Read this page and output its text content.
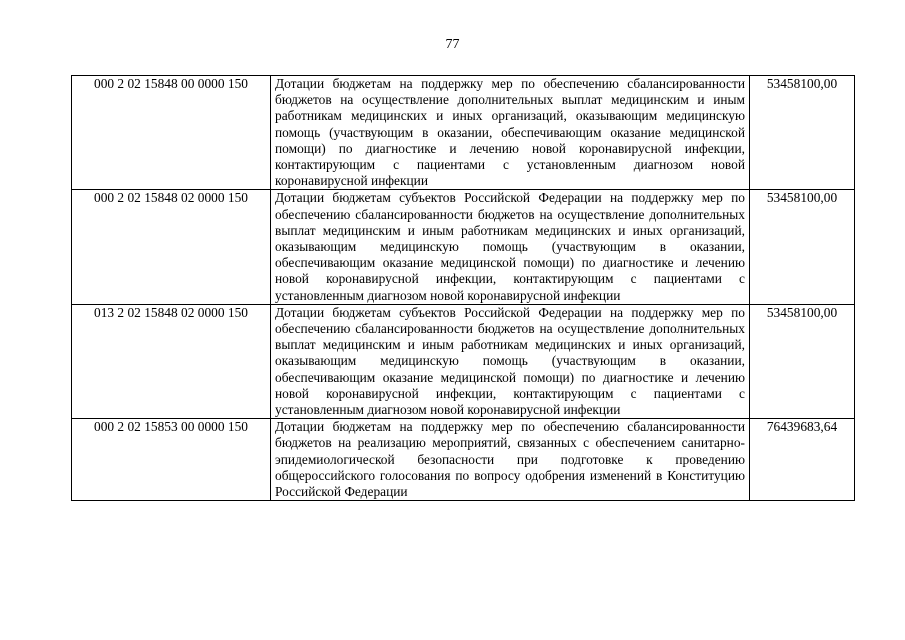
77
000 2 02 15848 00 0000 150	Дотации бюджетам на поддержку мер по обеспечению сбалансированности бюджетов на осуществление дополнительных выплат медицинским и иным работникам медицинских и иных организаций, оказывающим медицинскую помощь (участвующим в оказании, обеспечивающим оказание медицинской помощи) по диагностике и лечению новой коронавирусной инфекции, контактирующим с пациентами с установленным диагнозом новой коронавирусной инфекции	53458100,00
000 2 02 15848 02 0000 150	Дотации бюджетам субъектов Российской Федерации на поддержку мер по обеспечению сбалансированности бюджетов на осуществление дополнительных выплат медицинским и иным работникам медицинских и иных организаций, оказывающим медицинскую помощь (участвующим в оказании, обеспечивающим оказание медицинской помощи) по диагностике и лечению новой коронавирусной инфекции, контактирующим с пациентами с установленным диагнозом новой коронавирусной инфекции	53458100,00
013 2 02 15848 02 0000 150	Дотации бюджетам субъектов Российской Федерации на поддержку мер по обеспечению сбалансированности бюджетов на осуществление дополнительных выплат медицинским и иным работникам медицинских и иных организаций, оказывающим медицинскую помощь (участвующим в оказании, обеспечивающим оказание медицинской помощи) по диагностике и лечению новой коронавирусной инфекции, контактирующим с пациентами с установленным диагнозом новой коронавирусной инфекции	53458100,00
000 2 02 15853 00 0000 150	Дотации бюджетам на поддержку мер по обеспечению сбалансированности бюджетов на реализацию мероприятий, связанных с обеспечением санитарно-эпидемиологической безопасности при подготовке к проведению общероссийского голосования по вопросу одобрения изменений в Конституцию Российской Федерации	76439683,64
